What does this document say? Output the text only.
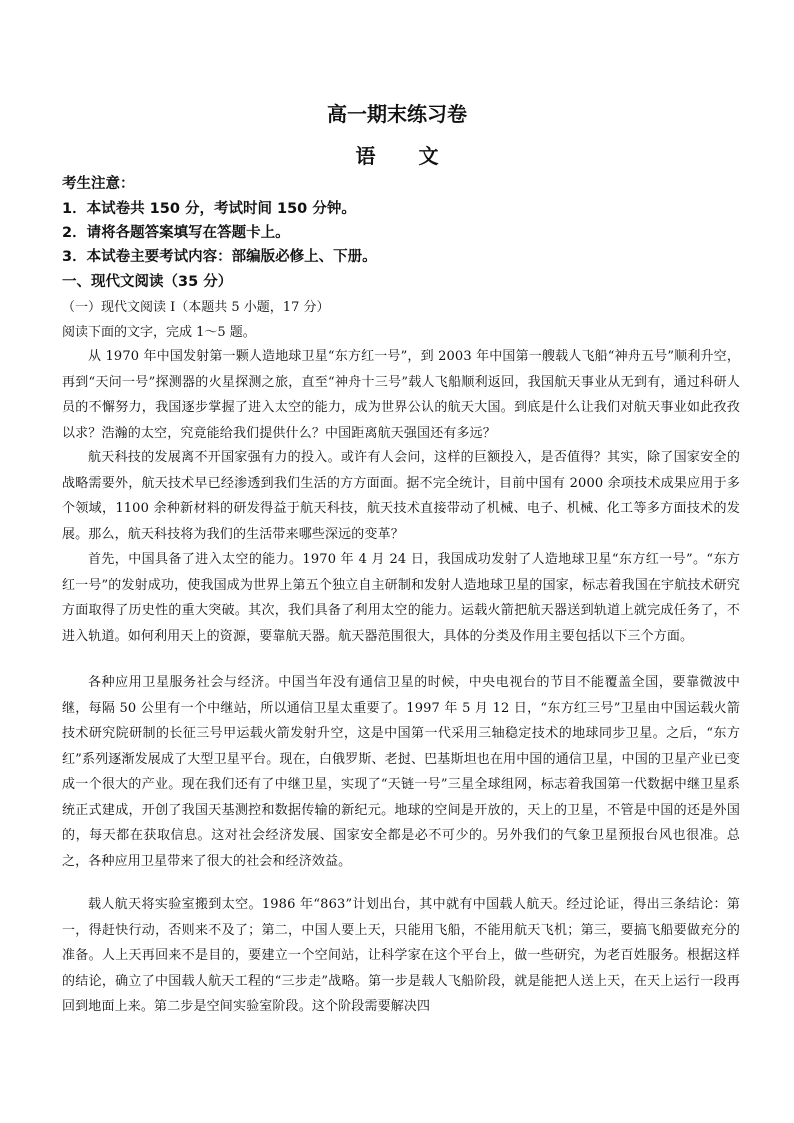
高一期末练习卷
语 文
考生注意：
1．本试卷共 150 分，考试时间 150 分钟。
2．请将各题答案填写在答题卡上。
3．本试卷主要考试内容：部编版必修上、下册。
一、现代文阅读（35 分）
（一）现代文阅读 I（本题共 5 小题，17 分）
阅读下面的文字，完成 1～5 题。
从 1970 年中国发射第一颗人造地球卫星“东方红一号”，到 2003 年中国第一艘载人飞船“神舟五号”顺利升空，再到“天问一号”探测器的火星探测之旅，直至“神舟十三号”载人飞船顺利返回，我国航天事业从无到有，通过科研人员的不懈努力，我国逐步掌握了进入太空的能力，成为世界公认的航天大国。到底是什么让我们对航天事业如此孜孜以求？浩瀚的太空，究竟能给我们提供什么？中国距离航天强国还有多远？
航天科技的发展离不开国家强有力的投入。或许有人会问，这样的巨额投入，是否值得？其实，除了国家安全的战略需要外，航天技术早已经渗透到我们生活的方方面面。据不完全统计，目前中国有 2000 余项技术成果应用于多个领域，1100 余种新材料的研发得益于航天科技，航天技术直接带动了机械、电子、机械、化工等多方面技术的发展。那么，航天科技将为我们的生活带来哪些深远的变革？
首先，中国具备了进入太空的能力。1970 年 4 月 24 日，我国成功发射了人造地球卫星“东方红一号”。“东方红一号”的发射成功，使我国成为世界上第五个独立自主研制和发射人造地球卫星的国家，标志着我国在宇航技术研究方面取得了历史性的重大突破。其次，我们具备了利用太空的能力。运载火箭把航天器送到轨道上就完成任务了，不进入轨道。如何利用天上的资源，要靠航天器。航天器范围很大，具体的分类及作用主要包括以下三个方面。
各种应用卫星服务社会与经济。中国当年没有通信卫星的时候，中央电视台的节目不能覆盖全国，要靠微波中继，每隔 50 公里有一个中继站，所以通信卫星太重要了。1997 年 5 月 12 日，“东方红三号”卫星由中国运载火箭技术研究院研制的长征三号甲运载火箭发射升空，这是中国第一代采用三轴稳定技术的地球同步卫星。之后，“东方红”系列逐渐发展成了大型卫星平台。现在，白俄罗斯、老挝、巴基斯坦也在用中国的通信卫星，中国的卫星产业已变成一个很大的产业。现在我们还有了中继卫星，实现了“天链一号”三星全球组网，标志着我国第一代数据中继卫星系统正式建成，开创了我国天基测控和数据传输的新纪元。地球的空间是开放的，天上的卫星，不管是中国的还是外国的，每天都在获取信息。这对社会经济发展、国家安全都是必不可少的。另外我们的气象卫星预报台风也很准。总之，各种应用卫星带来了很大的社会和经济效益。
载人航天将实验室搬到太空。1986 年“863”计划出台，其中就有中国载人航天。经过论证，得出三条结论：第一，得赶快行动，否则来不及了；第二，中国人要上天，只能用飞船，不能用航天飞机；第三，要搞飞船要做充分的准备。人上天再回来不是目的，要建立一个空间站，让科学家在这个平台上，做一些研究，为老百姓服务。根据这样的结论，确立了中国载人航天工程的“三步走”战略。第一步是载人飞船阶段，就是能把人送上天，在天上运行一段再回到地面上来。第二步是空间实验室阶段。这个阶段需要解决四
